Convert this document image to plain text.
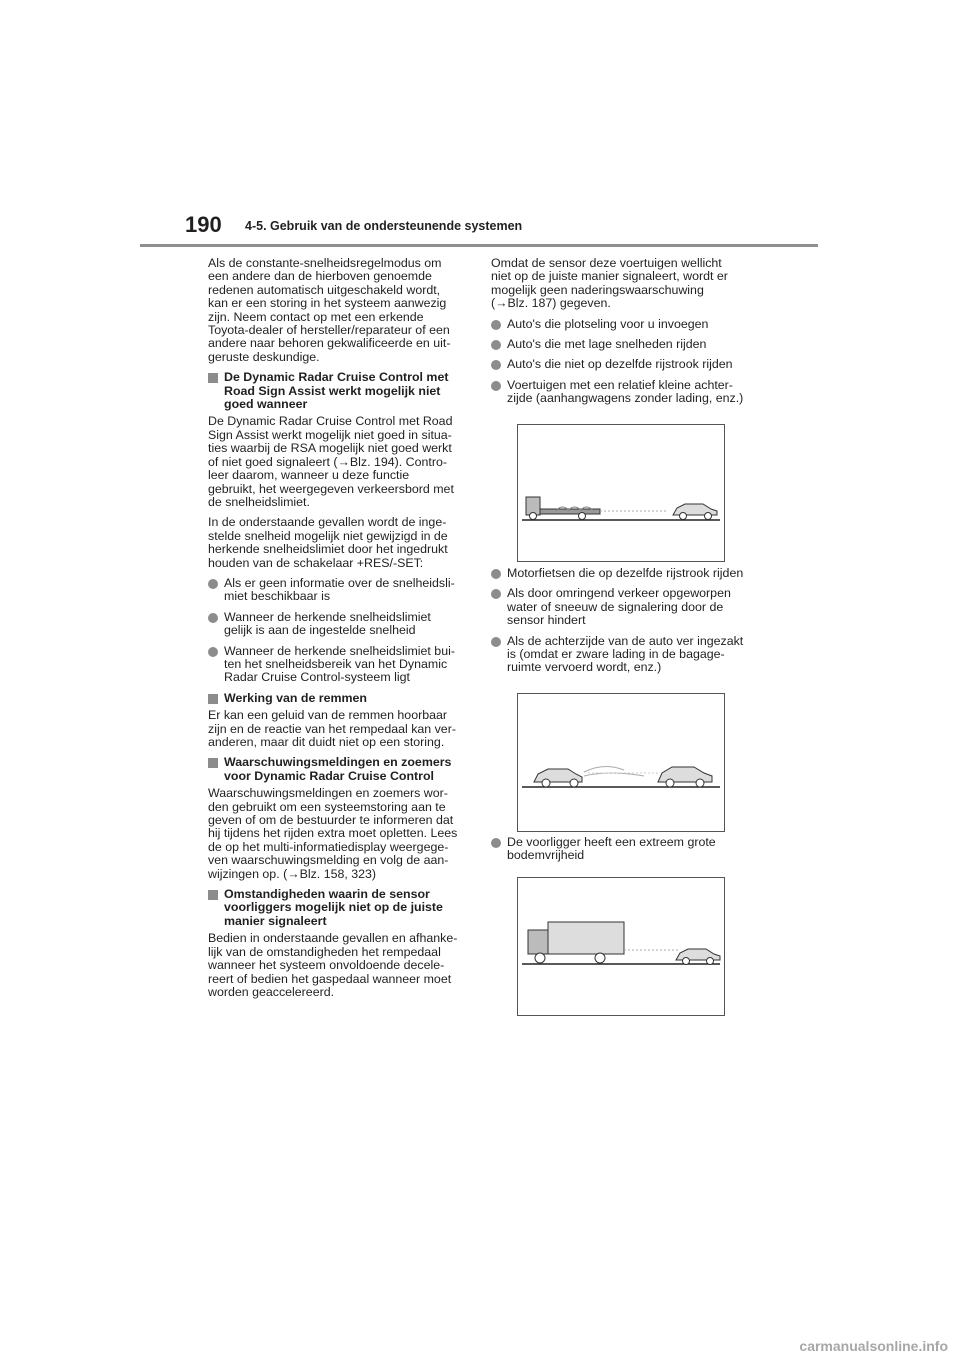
190 4-5. Gebruik van de ondersteunende systemen
Als de constante-snelheidsregelmodus om
een andere dan de hierboven genoemde
redenen automatisch uitgeschakeld wordt,
kan er een storing in het systeem aanwezig
zijn. Neem contact op met een erkende
Toyota-dealer of hersteller/reparateur of een
andere naar behoren gekwalificeerde en uit-
geruste deskundige.
De Dynamic Radar Cruise Control met
Road Sign Assist werkt mogelijk niet
goed wanneer
De Dynamic Radar Cruise Control met Road
Sign Assist werkt mogelijk niet goed in situa-
ties waarbij de RSA mogelijk niet goed werkt
of niet goed signaleert (→Blz. 194). Contro-
leer daarom, wanneer u deze functie
gebruikt, het weergegeven verkeersbord met
de snelheidslimiet.
In de onderstaande gevallen wordt de inge-
stelde snelheid mogelijk niet gewijzigd in de
herkende snelheidslimiet door het ingedrukt
houden van de schakelaar +RES/-SET:
Als er geen informatie over de snelheidsli-
miet beschikbaar is
Wanneer de herkende snelheidslimiet
gelijk is aan de ingestelde snelheid
Wanneer de herkende snelheidslimiet bui-
ten het snelheidsbereik van het Dynamic
Radar Cruise Control-systeem ligt
Werking van de remmen
Er kan een geluid van de remmen hoorbaar
zijn en de reactie van het rempedaal kan ver-
anderen, maar dit duidt niet op een storing.
Waarschuwingsmeldingen en zoemers
voor Dynamic Radar Cruise Control
Waarschuwingsmeldingen en zoemers wor-
den gebruikt om een systeemstoring aan te
geven of om de bestuurder te informeren dat
hij tijdens het rijden extra moet opletten. Lees
de op het multi-informatiedisplay weergege-
ven waarschuwingsmelding en volg de aan-
wijzingen op. (→Blz. 158, 323)
Omstandigheden waarin de sensor
voorliggers mogelijk niet op de juiste
manier signaleert
Bedien in onderstaande gevallen en afhanke-
lijk van de omstandigheden het rempedaal
wanneer het systeem onvoldoende decele-
reert of bedien het gaspedaal wanneer moet
worden geaccelereerd.
Omdat de sensor deze voertuigen wellicht
niet op de juiste manier signaleert, wordt er
mogelijk geen naderingswaarschuwing
(→Blz. 187) gegeven.
Auto's die plotseling voor u invoegen
Auto's die met lage snelheden rijden
Auto's die niet op dezelfde rijstrook rijden
Voertuigen met een relatief kleine achter-
zijde (aanhangwagens zonder lading, enz.)
Motorfietsen die op dezelfde rijstrook rijden
Als door omringend verkeer opgeworpen
water of sneeuw de signalering door de
sensor hindert
Als de achterzijde van de auto ver ingezakt
is (omdat er zware lading in de bagage-
ruimte vervoerd wordt, enz.)
De voorligger heeft een extreem grote
bodemvrijheid
carmanualsonline.info
